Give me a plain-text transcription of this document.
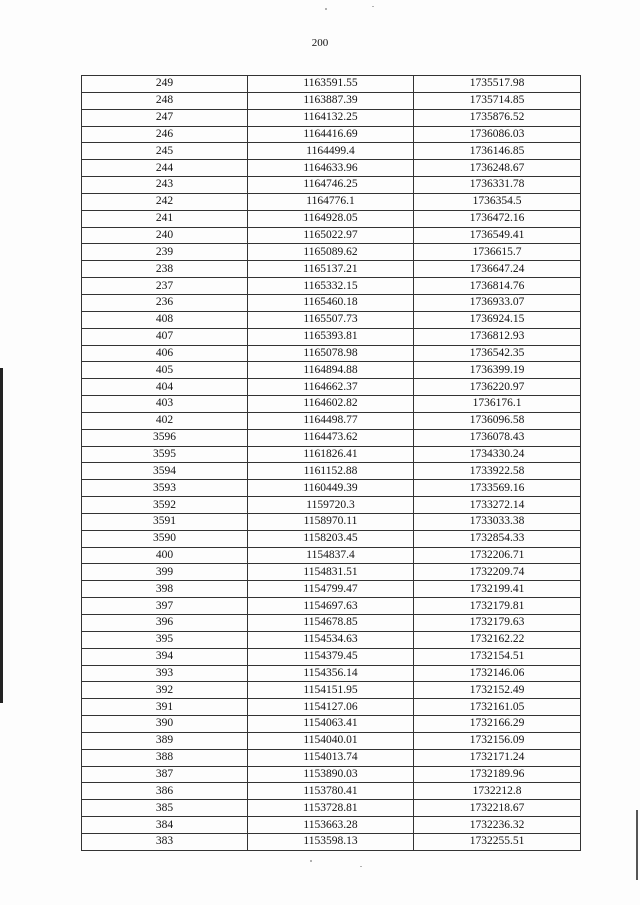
200
249	1163591.55	1735517.98
248	1163887.39	1735714.85
247	1164132.25	1735876.52
246	1164416.69	1736086.03
245	1164499.4	1736146.85
244	1164633.96	1736248.67
243	1164746.25	1736331.78
242	1164776.1	1736354.5
241	1164928.05	1736472.16
240	1165022.97	1736549.41
239	1165089.62	1736615.7
238	1165137.21	1736647.24
237	1165332.15	1736814.76
236	1165460.18	1736933.07
408	1165507.73	1736924.15
407	1165393.81	1736812.93
406	1165078.98	1736542.35
405	1164894.88	1736399.19
404	1164662.37	1736220.97
403	1164602.82	1736176.1
402	1164498.77	1736096.58
3596	1164473.62	1736078.43
3595	1161826.41	1734330.24
3594	1161152.88	1733922.58
3593	1160449.39	1733569.16
3592	1159720.3	1733272.14
3591	1158970.11	1733033.38
3590	1158203.45	1732854.33
400	1154837.4	1732206.71
399	1154831.51	1732209.74
398	1154799.47	1732199.41
397	1154697.63	1732179.81
396	1154678.85	1732179.63
395	1154534.63	1732162.22
394	1154379.45	1732154.51
393	1154356.14	1732146.06
392	1154151.95	1732152.49
391	1154127.06	1732161.05
390	1154063.41	1732166.29
389	1154040.01	1732156.09
388	1154013.74	1732171.24
387	1153890.03	1732189.96
386	1153780.41	1732212.8
385	1153728.81	1732218.67
384	1153663.28	1732236.32
383	1153598.13	1732255.51
